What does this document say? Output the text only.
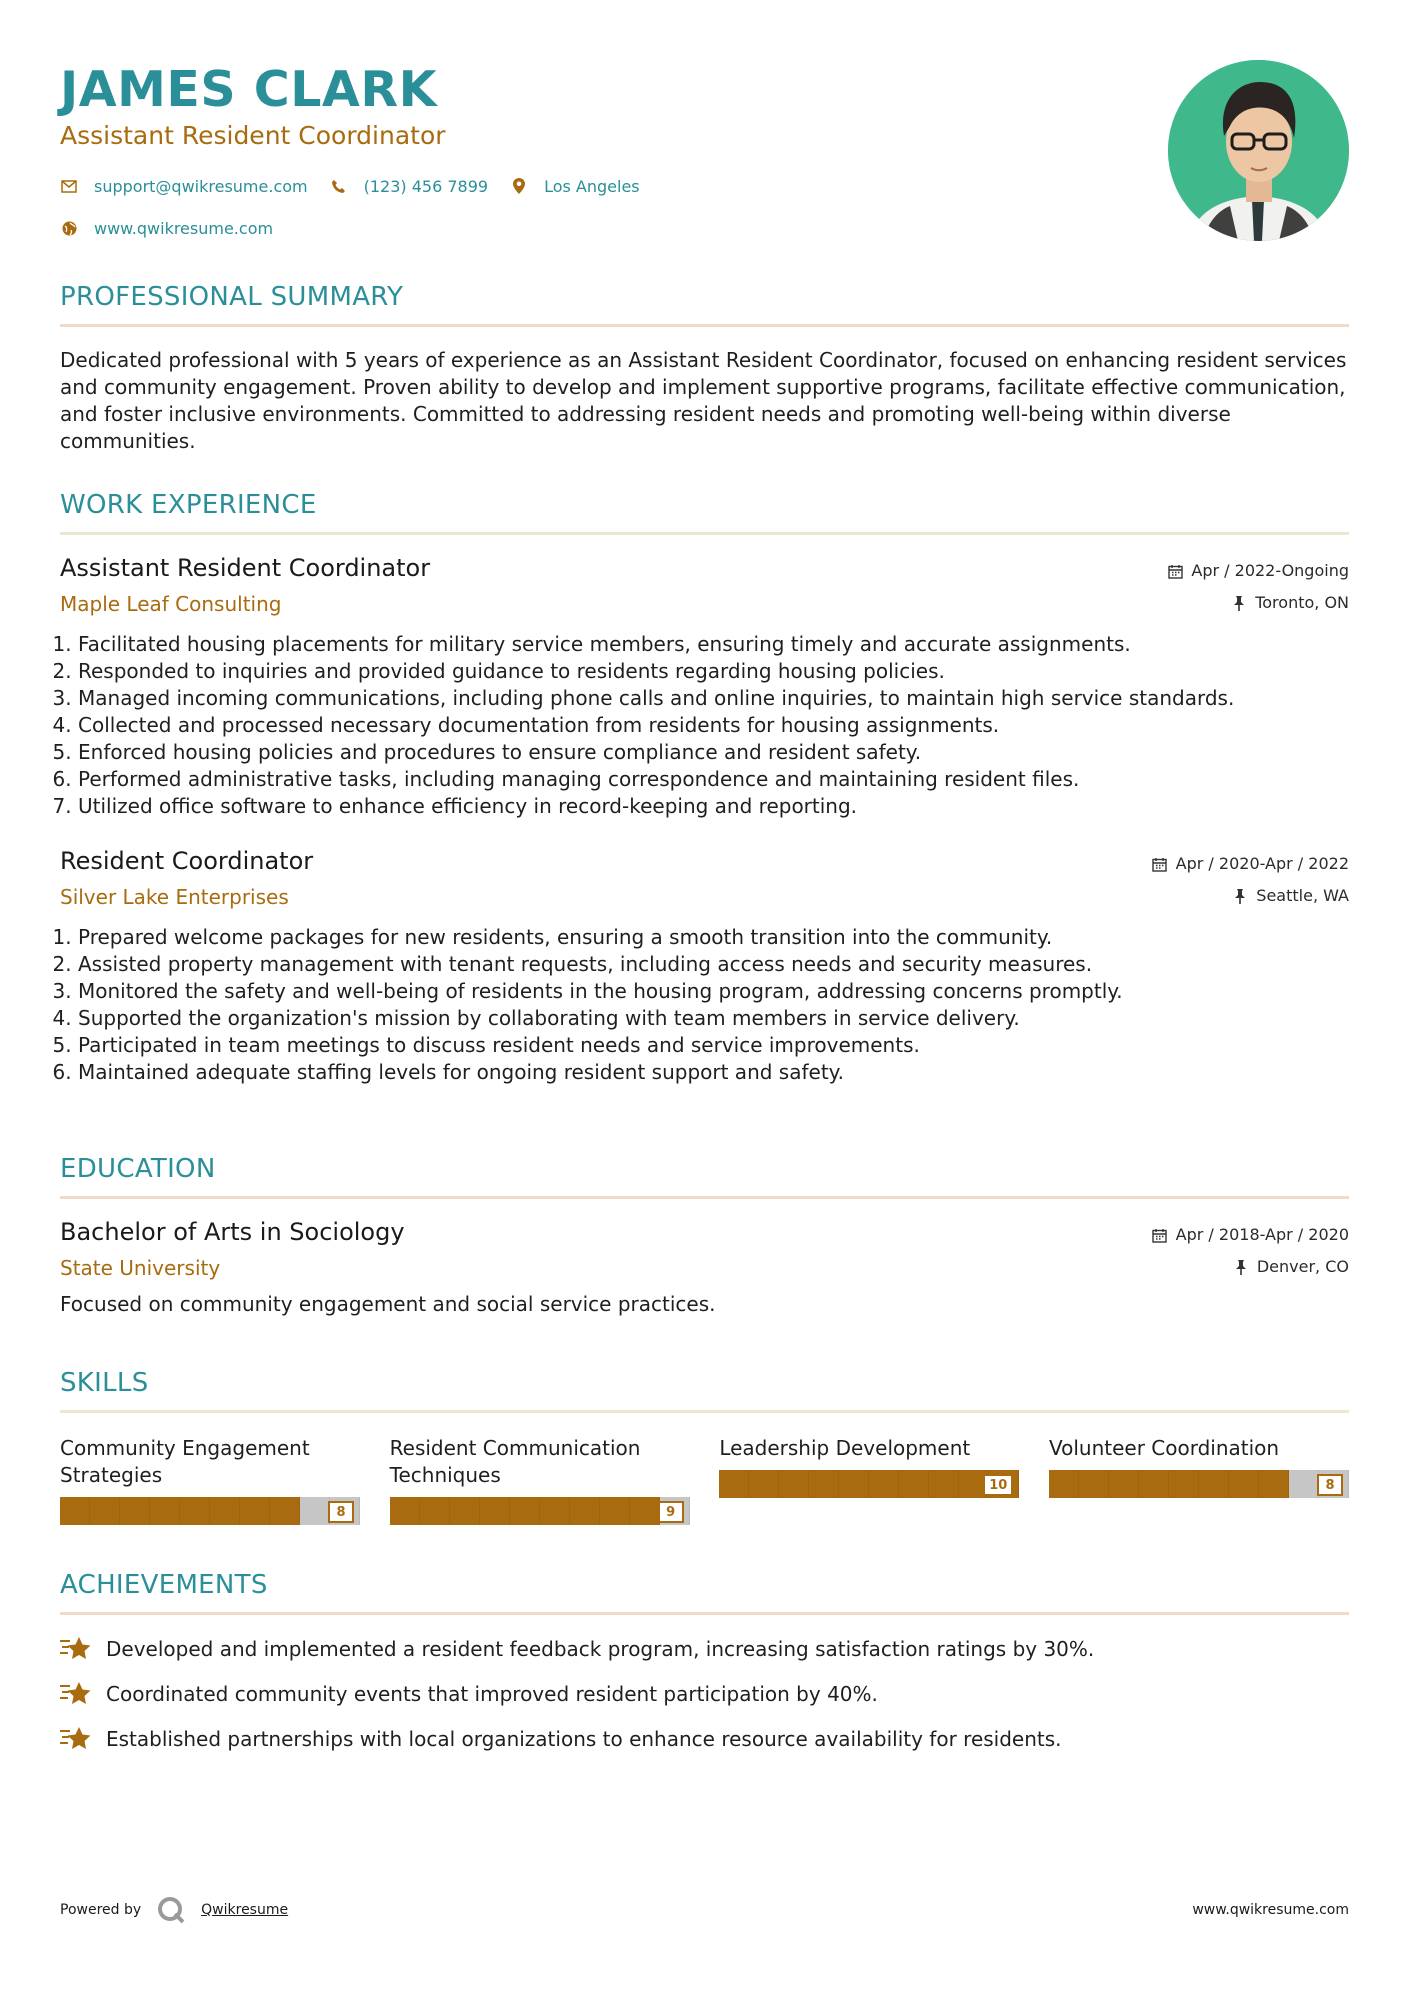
JAMES CLARK
Assistant Resident Coordinator
support@qwikresume.com	(123) 456 7899	Los Angeles
www.qwikresume.com
PROFESSIONAL SUMMARY
Dedicated professional with 5 years of experience as an Assistant Resident Coordinator, focused on enhancing resident services and community engagement. Proven ability to develop and implement supportive programs, facilitate effective communication, and foster inclusive environments. Committed to addressing resident needs and promoting well-being within diverse communities.
WORK EXPERIENCE
Assistant Resident Coordinator
Maple Leaf Consulting
Apr / 2022-Ongoing
Toronto, ON
1. Facilitated housing placements for military service members, ensuring timely and accurate assignments.
2. Responded to inquiries and provided guidance to residents regarding housing policies.
3. Managed incoming communications, including phone calls and online inquiries, to maintain high service standards.
4. Collected and processed necessary documentation from residents for housing assignments.
5. Enforced housing policies and procedures to ensure compliance and resident safety.
6. Performed administrative tasks, including managing correspondence and maintaining resident files.
7. Utilized office software to enhance efficiency in record-keeping and reporting.
Resident Coordinator
Silver Lake Enterprises
Apr / 2020-Apr / 2022
Seattle, WA
1. Prepared welcome packages for new residents, ensuring a smooth transition into the community.
2. Assisted property management with tenant requests, including access needs and security measures.
3. Monitored the safety and well-being of residents in the housing program, addressing concerns promptly.
4. Supported the organization's mission by collaborating with team members in service delivery.
5. Participated in team meetings to discuss resident needs and service improvements.
6. Maintained adequate staffing levels for ongoing resident support and safety.
EDUCATION
Bachelor of Arts in Sociology
State University
Apr / 2018-Apr / 2020
Denver, CO
Focused on community engagement and social service practices.
SKILLS
Community Engagement Strategies
8
Resident Communication Techniques
9
Leadership Development
10
Volunteer Coordination
8
ACHIEVEMENTS
Developed and implemented a resident feedback program, increasing satisfaction ratings by 30%.
Coordinated community events that improved resident participation by 40%.
Established partnerships with local organizations to enhance resource availability for residents.
Powered by	Qwikresume	www.qwikresume.com
